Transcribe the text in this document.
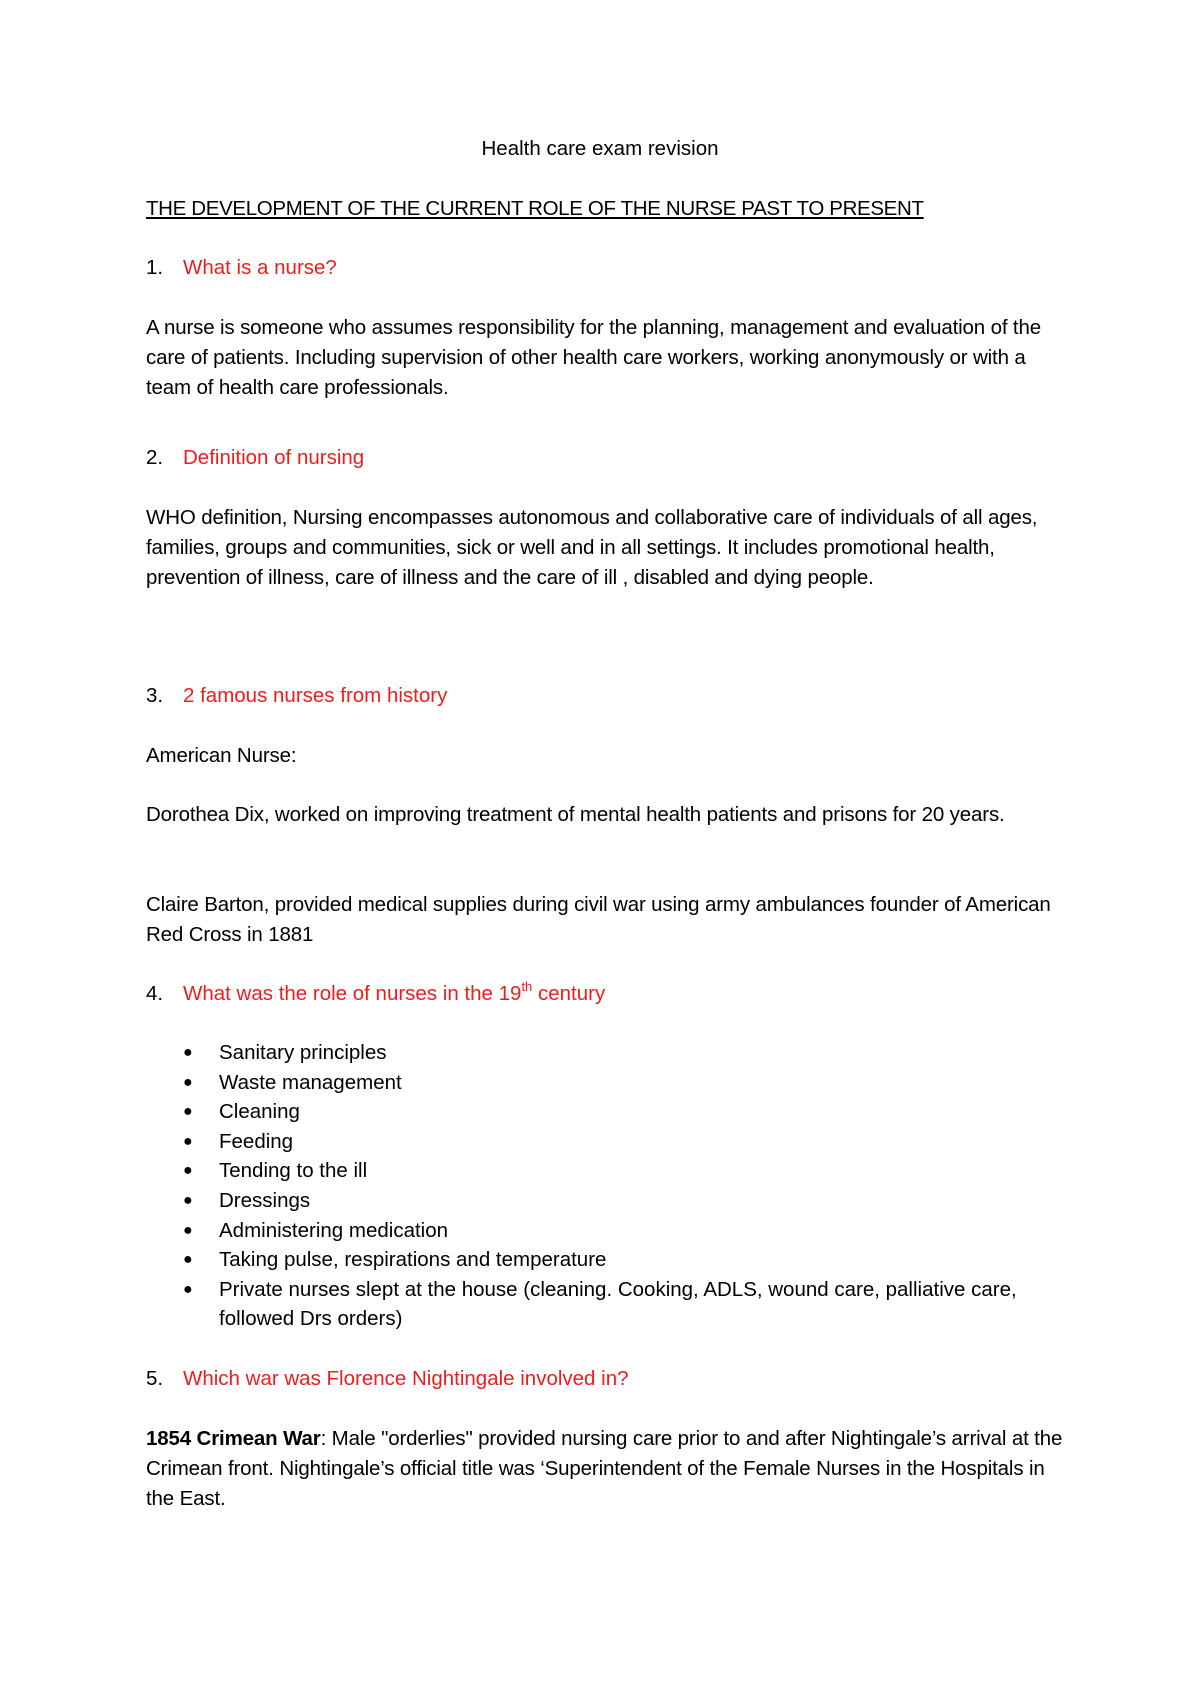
Health care exam revision
THE DEVELOPMENT OF THE CURRENT ROLE OF THE NURSE PAST TO PRESENT
1. What is a nurse?

A nurse is someone who assumes responsibility for the planning, management and evaluation of the care of patients. Including supervision of other health care workers, working anonymously or with a team of health care professionals.

2. Definition of nursing

WHO definition, Nursing encompasses autonomous and collaborative care of individuals of all ages, families, groups and communities, sick or well and in all settings. It includes promotional health, prevention of illness, care of illness and the care of ill , disabled and dying people.

3. 2 famous nurses from history

American Nurse:

Dorothea Dix, worked on improving treatment of mental health patients and prisons for 20 years.

Claire Barton, provided medical supplies during civil war using army ambulances founder of American Red Cross in 1881

4. What was the role of nurses in the 19th century
●	Sanitary principles
●	Waste management
●	Cleaning
●	Feeding
●	Tending to the ill
●	Dressings
●	Administering medication
●	Taking pulse, respirations and temperature
●	Private nurses slept at the house (cleaning. Cooking, ADLS, wound care, palliative care, followed Drs orders)
5. Which war was Florence Nightingale involved in?

1854 Crimean War: Male "orderlies" provided nursing care prior to and after Nightingale’s arrival at the Crimean front. Nightingale’s official title was ‘Superintendent of the Female Nurses in the Hospitals in the East.
